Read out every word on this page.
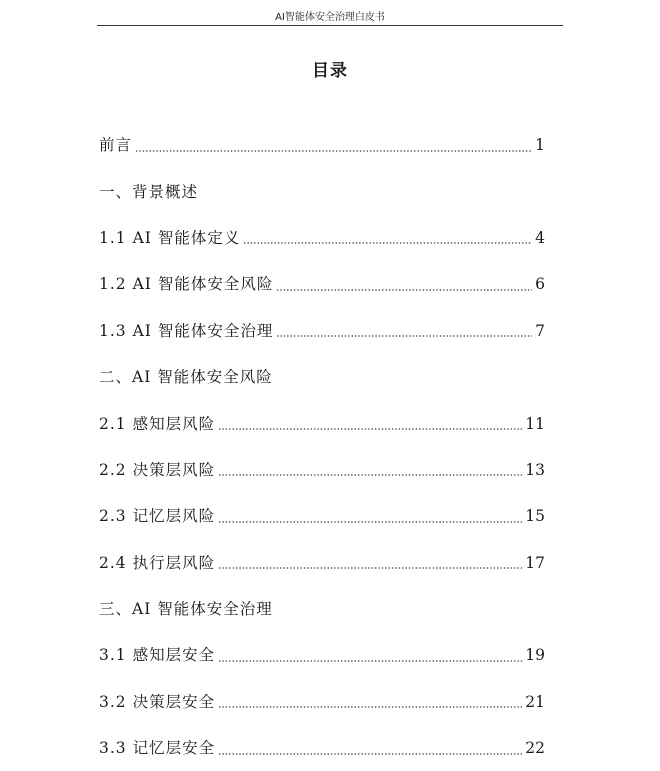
AI智能体安全治理白皮书
目录
前言	1
一、背景概述
1.1 AI 智能体定义	4
1.2 AI 智能体安全风险	6
1.3 AI 智能体安全治理	7
二、AI 智能体安全风险
2.1 感知层风险	11
2.2 决策层风险	13
2.3 记忆层风险	15
2.4 执行层风险	17
三、AI 智能体安全治理
3.1 感知层安全	19
3.2 决策层安全	21
3.3 记忆层安全	22
